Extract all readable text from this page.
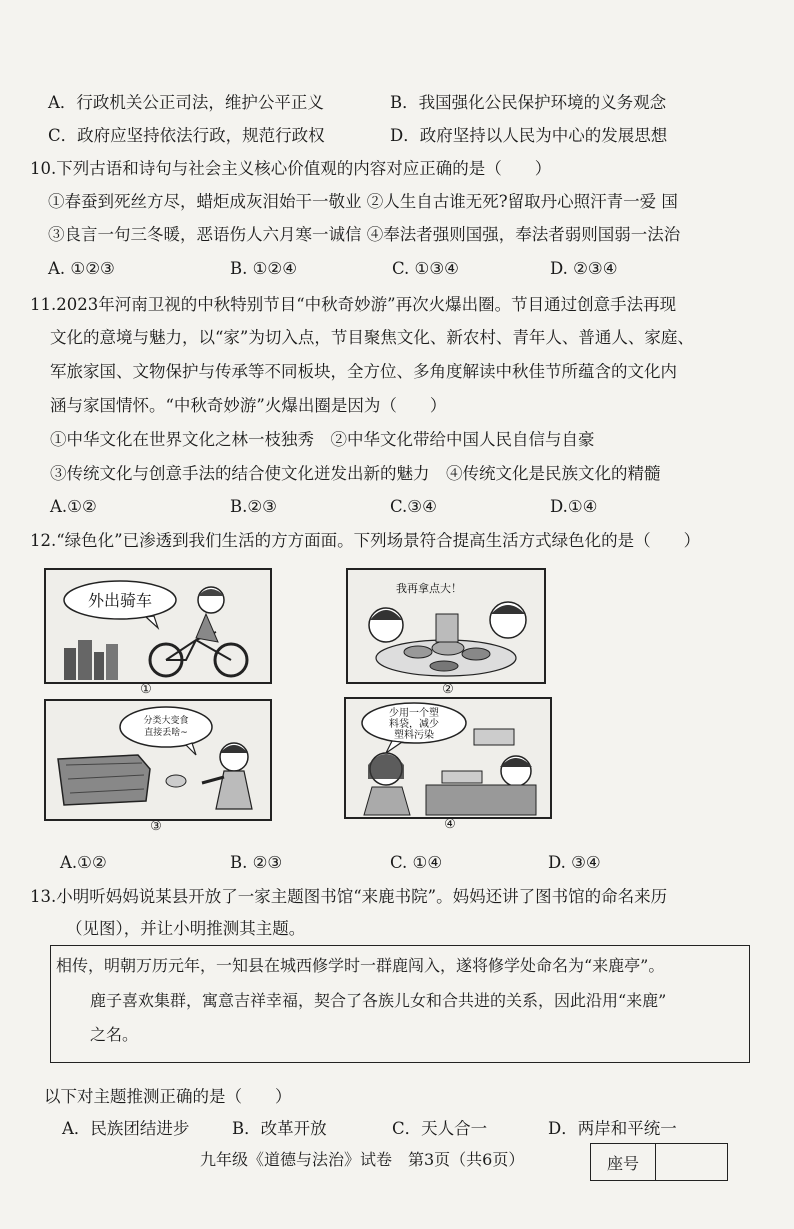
A．行政机关公正司法，维护公平正义	B．我国强化公民保护环境的义务观念
C．政府应坚持依法行政，规范行政权	D．政府坚持以人民为中心的发展思想
10.下列古语和诗句与社会主义核心价值观的内容对应正确的是（　　）
①春蚕到死丝方尽，蜡炬成灰泪始干一敬业 ②人生自古谁无死?留取丹心照汗青一爱 国
③良言一句三冬暖，恶语伤人六月寒一诚信 ④奉法者强则国强，奉法者弱则国弱一法治
A. ①②③	B. ①②④	C. ①③④	D. ②③④
11.2023年河南卫视的中秋特别节目“中秋奇妙游”再次火爆出圈。节目通过创意手法再现
文化的意境与魅力，以“家”为切入点，节目聚焦文化、新农村、青年人、普通人、家庭、
军旅家国、文物保护与传承等不同板块，全方位、多角度解读中秋佳节所蕴含的文化内
涵与家国情怀。“中秋奇妙游”火爆出圈是因为（　　）
①中华文化在世界文化之林一枝独秀　②中华文化带给中国人民自信与自豪
③传统文化与创意手法的结合使文化迸发出新的魅力　④传统文化是民族文化的精髓
A.①②	B.②③	C.③④	D.①④
12.“绿色化”已渗透到我们生活的方方面面。下列场景符合提高生活方式绿色化的是（　　）
外出骑车
①
我再拿点大！
②
分类大变食
直接丢啥~
③
少用一个塑
料袋，减少
塑料污染
④
A.①②	B. ②③	C. ①④	D. ③④
13.小明听妈妈说某县开放了一家主题图书馆“来鹿书院”。妈妈还讲了图书馆的命名来历
（见图），并让小明推测其主题。
相传，明朝万历元年，一知县在城西修学时一群鹿闯入，遂将修学处命名为“来鹿亭”。
鹿子喜欢集群，寓意吉祥幸福，契合了各族儿女和合共进的关系，因此沿用“来鹿”
之名。
以下对主题推测正确的是（　　）
A．民族团结进步	B．改革开放	C．天人合一	D．两岸和平统一
九年级《道德与法治》试卷　第3页（共6页）	座号
